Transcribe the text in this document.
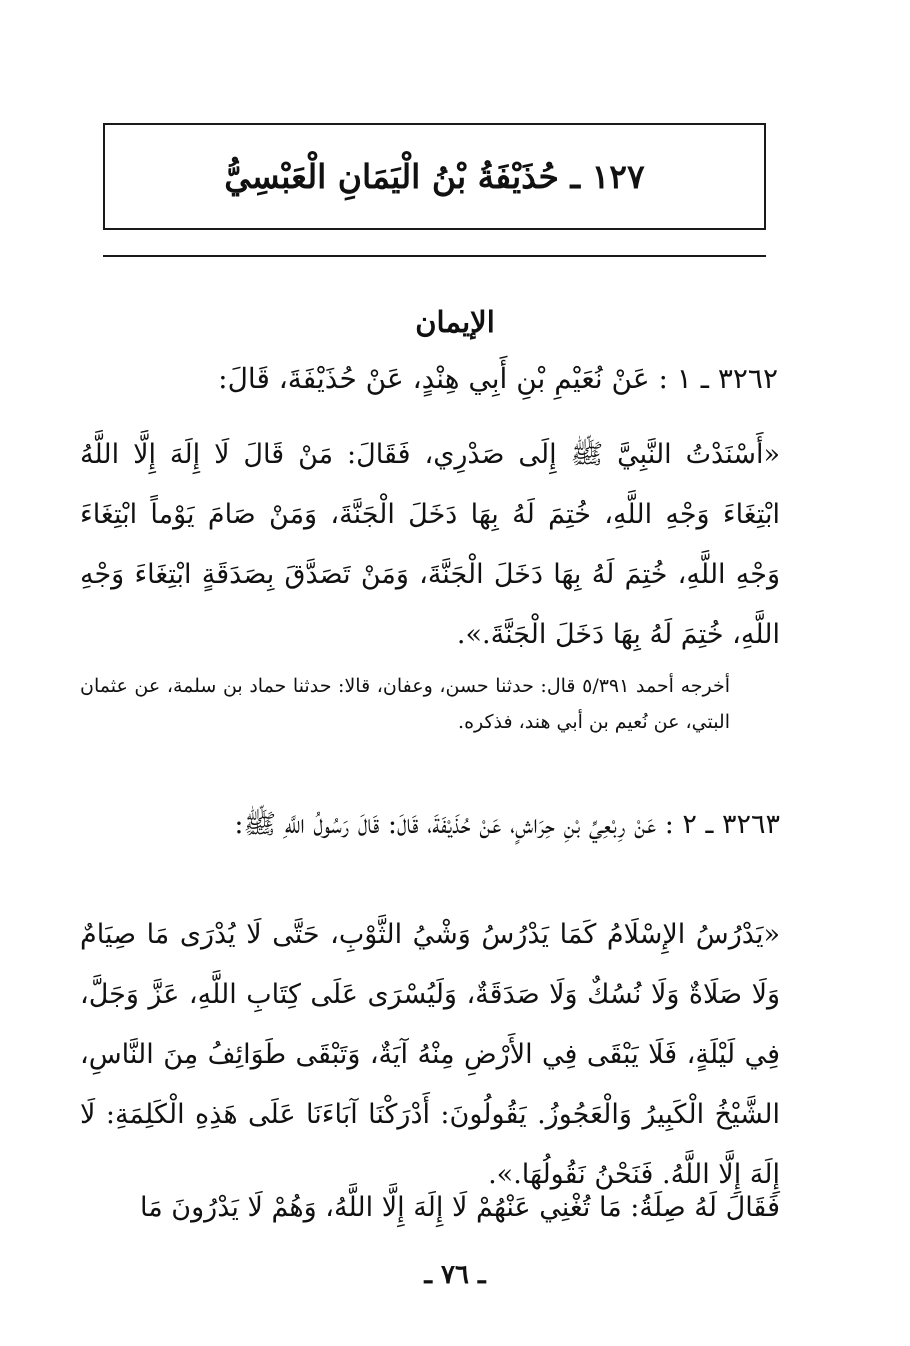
١٢٧ ـ حُذَيْفَةُ بْنُ الْيَمَانِ الْعَبْسِيُّ
الإيمان
٣٢٦٢ ـ ١ : عَنْ نُعَيْمِ بْنِ أَبِي هِنْدٍ، عَنْ حُذَيْفَةَ، قَالَ:
«أَسْنَدْتُ النَّبِيَّ ﷺ إِلَى صَدْرِي، فَقَالَ: مَنْ قَالَ لَا إِلَهَ إِلَّا اللَّهُ ابْتِغَاءَ وَجْهِ اللَّهِ، خُتِمَ لَهُ بِهَا دَخَلَ الْجَنَّةَ، وَمَنْ صَامَ يَوْماً ابْتِغَاءَ وَجْهِ اللَّهِ، خُتِمَ لَهُ بِهَا دَخَلَ الْجَنَّةَ، وَمَنْ تَصَدَّقَ بِصَدَقَةٍ ابْتِغَاءَ وَجْهِ اللَّهِ، خُتِمَ لَهُ بِهَا دَخَلَ الْجَنَّةَ.».
أخرجه أحمد ٥/٣٩١ قال: حدثنا حسن، وعفان، قالا: حدثنا حماد بن سلمة، عن عثمان البتي، عن نُعيم بن أبي هند، فذكره.
٣٢٦٣ ـ ٢ : عَنْ رِبْعِيِّ بْنِ حِرَاشٍ، عَنْ حُذَيْفَةَ، قَالَ: قَالَ رَسُولُ اللَّهِ ﷺ:
«يَدْرُسُ الإِسْلَامُ كَمَا يَدْرُسُ وَشْيُ الثَّوْبِ، حَتَّى لَا يُدْرَى مَا صِيَامٌ وَلَا صَلَاةٌ وَلَا نُسُكٌ وَلَا صَدَقَةٌ، وَلَيُسْرَى عَلَى كِتَابِ اللَّهِ، عَزَّ وَجَلَّ، فِي لَيْلَةٍ، فَلَا يَبْقَى فِي الأَرْضِ مِنْهُ آيَةٌ، وَتَبْقَى طَوَائِفُ مِنَ النَّاسِ، الشَّيْخُ الْكَبِيرُ وَالْعَجُوزُ. يَقُولُونَ: أَدْرَكْنَا آبَاءَنَا عَلَى هَذِهِ الْكَلِمَةِ: لَا إِلَهَ إِلَّا اللَّهُ. فَنَحْنُ نَقُولُهَا.».
فَقَالَ لَهُ صِلَةُ: مَا تُغْنِي عَنْهُمْ لَا إِلَهَ إِلَّا اللَّهُ، وَهُمْ لَا يَدْرُونَ مَا
ـ ٧٦ ـ
